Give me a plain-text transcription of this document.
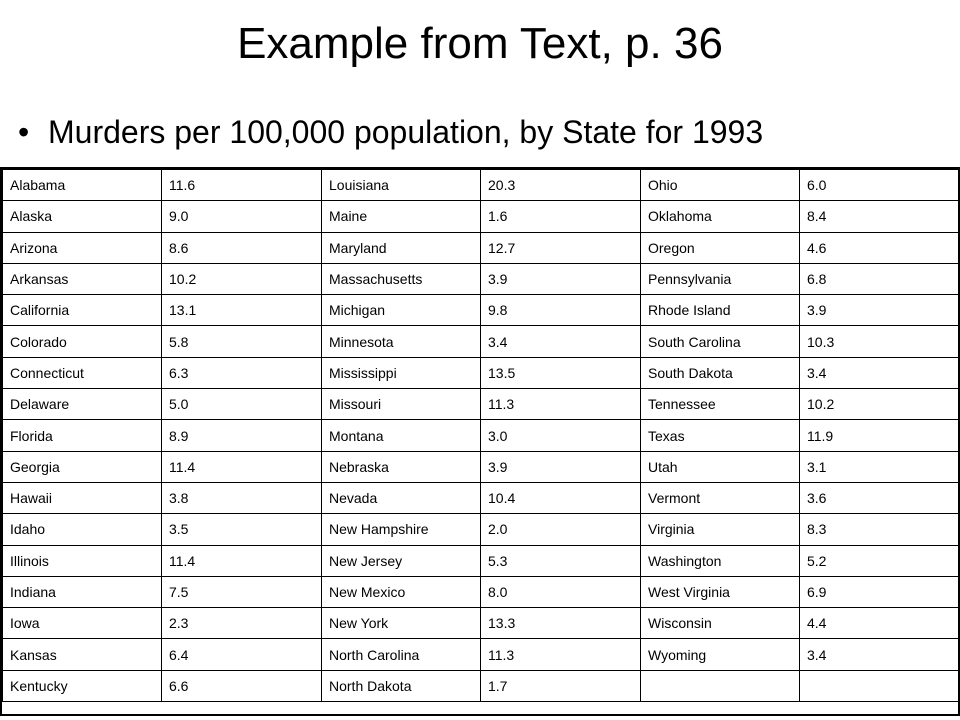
Example from Text, p. 36
• Murders per 100,000 population, by State for 1993
Alabama	11.6	Louisiana	20.3	Ohio	6.0
Alaska	9.0	Maine	1.6	Oklahoma	8.4
Arizona	8.6	Maryland	12.7	Oregon	4.6
Arkansas	10.2	Massachusetts	3.9	Pennsylvania	6.8
California	13.1	Michigan	9.8	Rhode Island	3.9
Colorado	5.8	Minnesota	3.4	South Carolina	10.3
Connecticut	6.3	Mississippi	13.5	South Dakota	3.4
Delaware	5.0	Missouri	11.3	Tennessee	10.2
Florida	8.9	Montana	3.0	Texas	11.9
Georgia	11.4	Nebraska	3.9	Utah	3.1
Hawaii	3.8	Nevada	10.4	Vermont	3.6
Idaho	3.5	New Hampshire	2.0	Virginia	8.3
Illinois	11.4	New Jersey	5.3	Washington	5.2
Indiana	7.5	New Mexico	8.0	West Virginia	6.9
Iowa	2.3	New York	13.3	Wisconsin	4.4
Kansas	6.4	North Carolina	11.3	Wyoming	3.4
Kentucky	6.6	North Dakota	1.7		
